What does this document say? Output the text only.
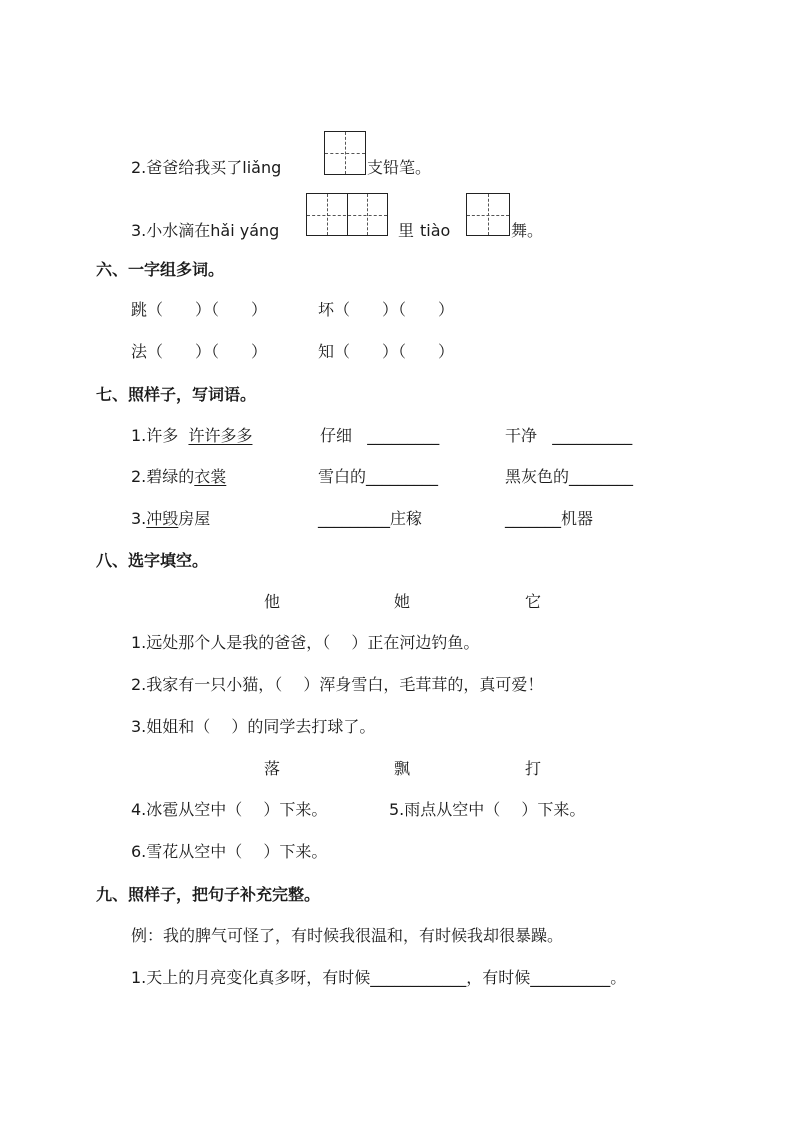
2.爸爸给我买了liǎng	支铅笔。
3.小水滴在hǎi yáng	里 tiào	舞。
六、一字组多词。
跳（　　）（　　）	坏（　　）（　　）
法（　　）（　　）	知（　　）（　　）
七、照样子，写词语。
1.许多 许许多多	仔细 _________	干净 __________
2.碧绿的衣裳	雪白的_________	黑灰色的________
3.冲毁房屋	_________庄稼	_______机器
八、选字填空。
他	她	它
1.远处那个人是我的爸爸，（　 ）正在河边钓鱼。
2.我家有一只小猫，（　 ）浑身雪白，毛茸茸的，真可爱！
3.姐姐和（　 ）的同学去打球了。
落	飘	打
4.冰雹从空中（　 ）下来。	5.雨点从空中（　 ）下来。
6.雪花从空中（　 ）下来。
九、照样子，把句子补充完整。
例：我的脾气可怪了，有时候我很温和，有时候我却很暴躁。
1.天上的月亮变化真多呀，有时候____________，有时候__________。
